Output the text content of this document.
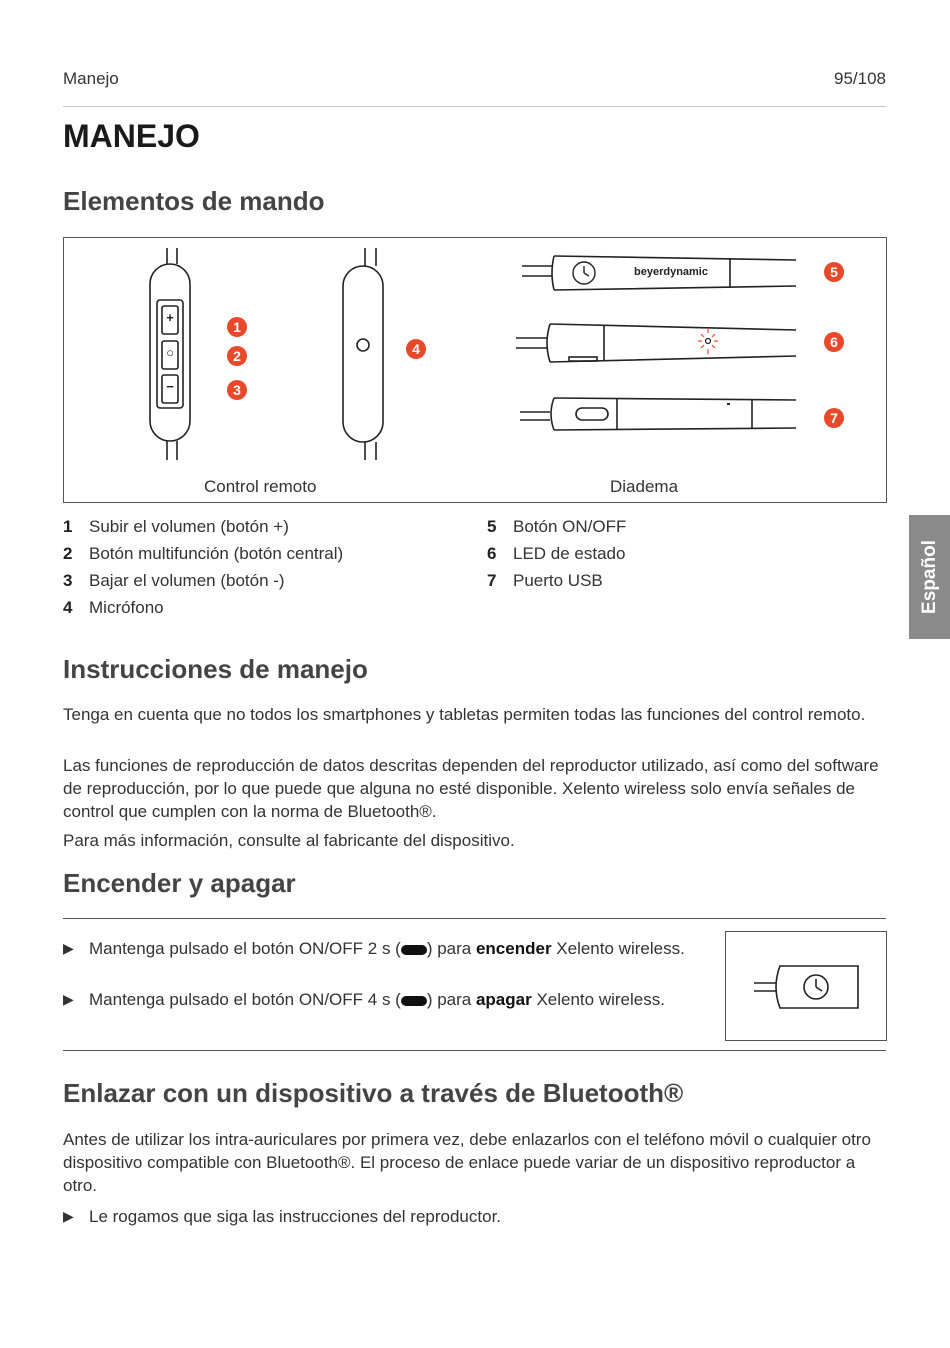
Manejo	95/108
MANEJO
Elementos de mando
+
○
−
beyerdynamic
1
2
3
4
5
6
7
Control remoto	Diadema
1 Subir el volumen (botón +)
2 Botón multifunción (botón central)
3 Bajar el volumen (botón -)
4 Micrófono
5 Botón ON/OFF
6 LED de estado
7 Puerto USB	Español
Instrucciones de manejo

Tenga en cuenta que no todos los smartphones y tabletas permiten todas las funciones del control remoto.

Las funciones de reproducción de datos descritas dependen del reproductor utilizado, así como del software de reproducción, por lo que puede que alguna no esté disponible. Xelento wireless solo envía señales de control que cumplen con la norma de Bluetooth®.

Para más información, consulte al fabricante del dispositivo.

Encender y apagar
▶ Mantenga pulsado el botón ON/OFF 2 s ( ) para encender Xelento wireless.
▶ Mantenga pulsado el botón ON/OFF 4 s ( ) para apagar Xelento wireless.
Enlazar con un dispositivo a través de Bluetooth®

Antes de utilizar los intra-auriculares por primera vez, debe enlazarlos con el teléfono móvil o cualquier otro dispositivo compatible con Bluetooth®. El proceso de enlace puede variar de un dispositivo reproductor a otro.

▶ Le rogamos que siga las instrucciones del reproductor.
